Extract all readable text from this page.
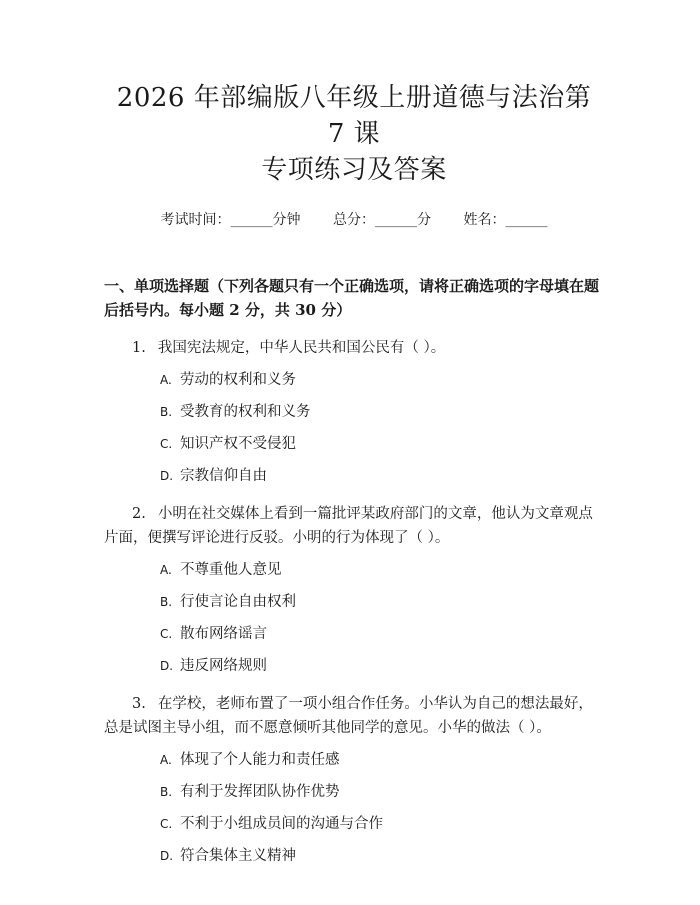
2026 年部编版八年级上册道德与法治第 7 课
专项练习及答案
考试时间：______分钟 总分：______分 姓名：______
一、单项选择题（下列各题只有一个正确选项，请将正确选项的字母填在题后括号内。每小题 2 分，共 30 分）
1. 我国宪法规定，中华人民共和国公民有（ ）。
A. 劳动的权利和义务
B. 受教育的权利和义务
C. 知识产权不受侵犯
D. 宗教信仰自由
2. 小明在社交媒体上看到一篇批评某政府部门的文章，他认为文章观点片面，便撰写评论进行反驳。小明的行为体现了（ ）。
A. 不尊重他人意见
B. 行使言论自由权利
C. 散布网络谣言
D. 违反网络规则
3. 在学校，老师布置了一项小组合作任务。小华认为自己的想法最好，总是试图主导小组，而不愿意倾听其他同学的意见。小华的做法（ ）。
A. 体现了个人能力和责任感
B. 有利于发挥团队协作优势
C. 不利于小组成员间的沟通与合作
D. 符合集体主义精神
